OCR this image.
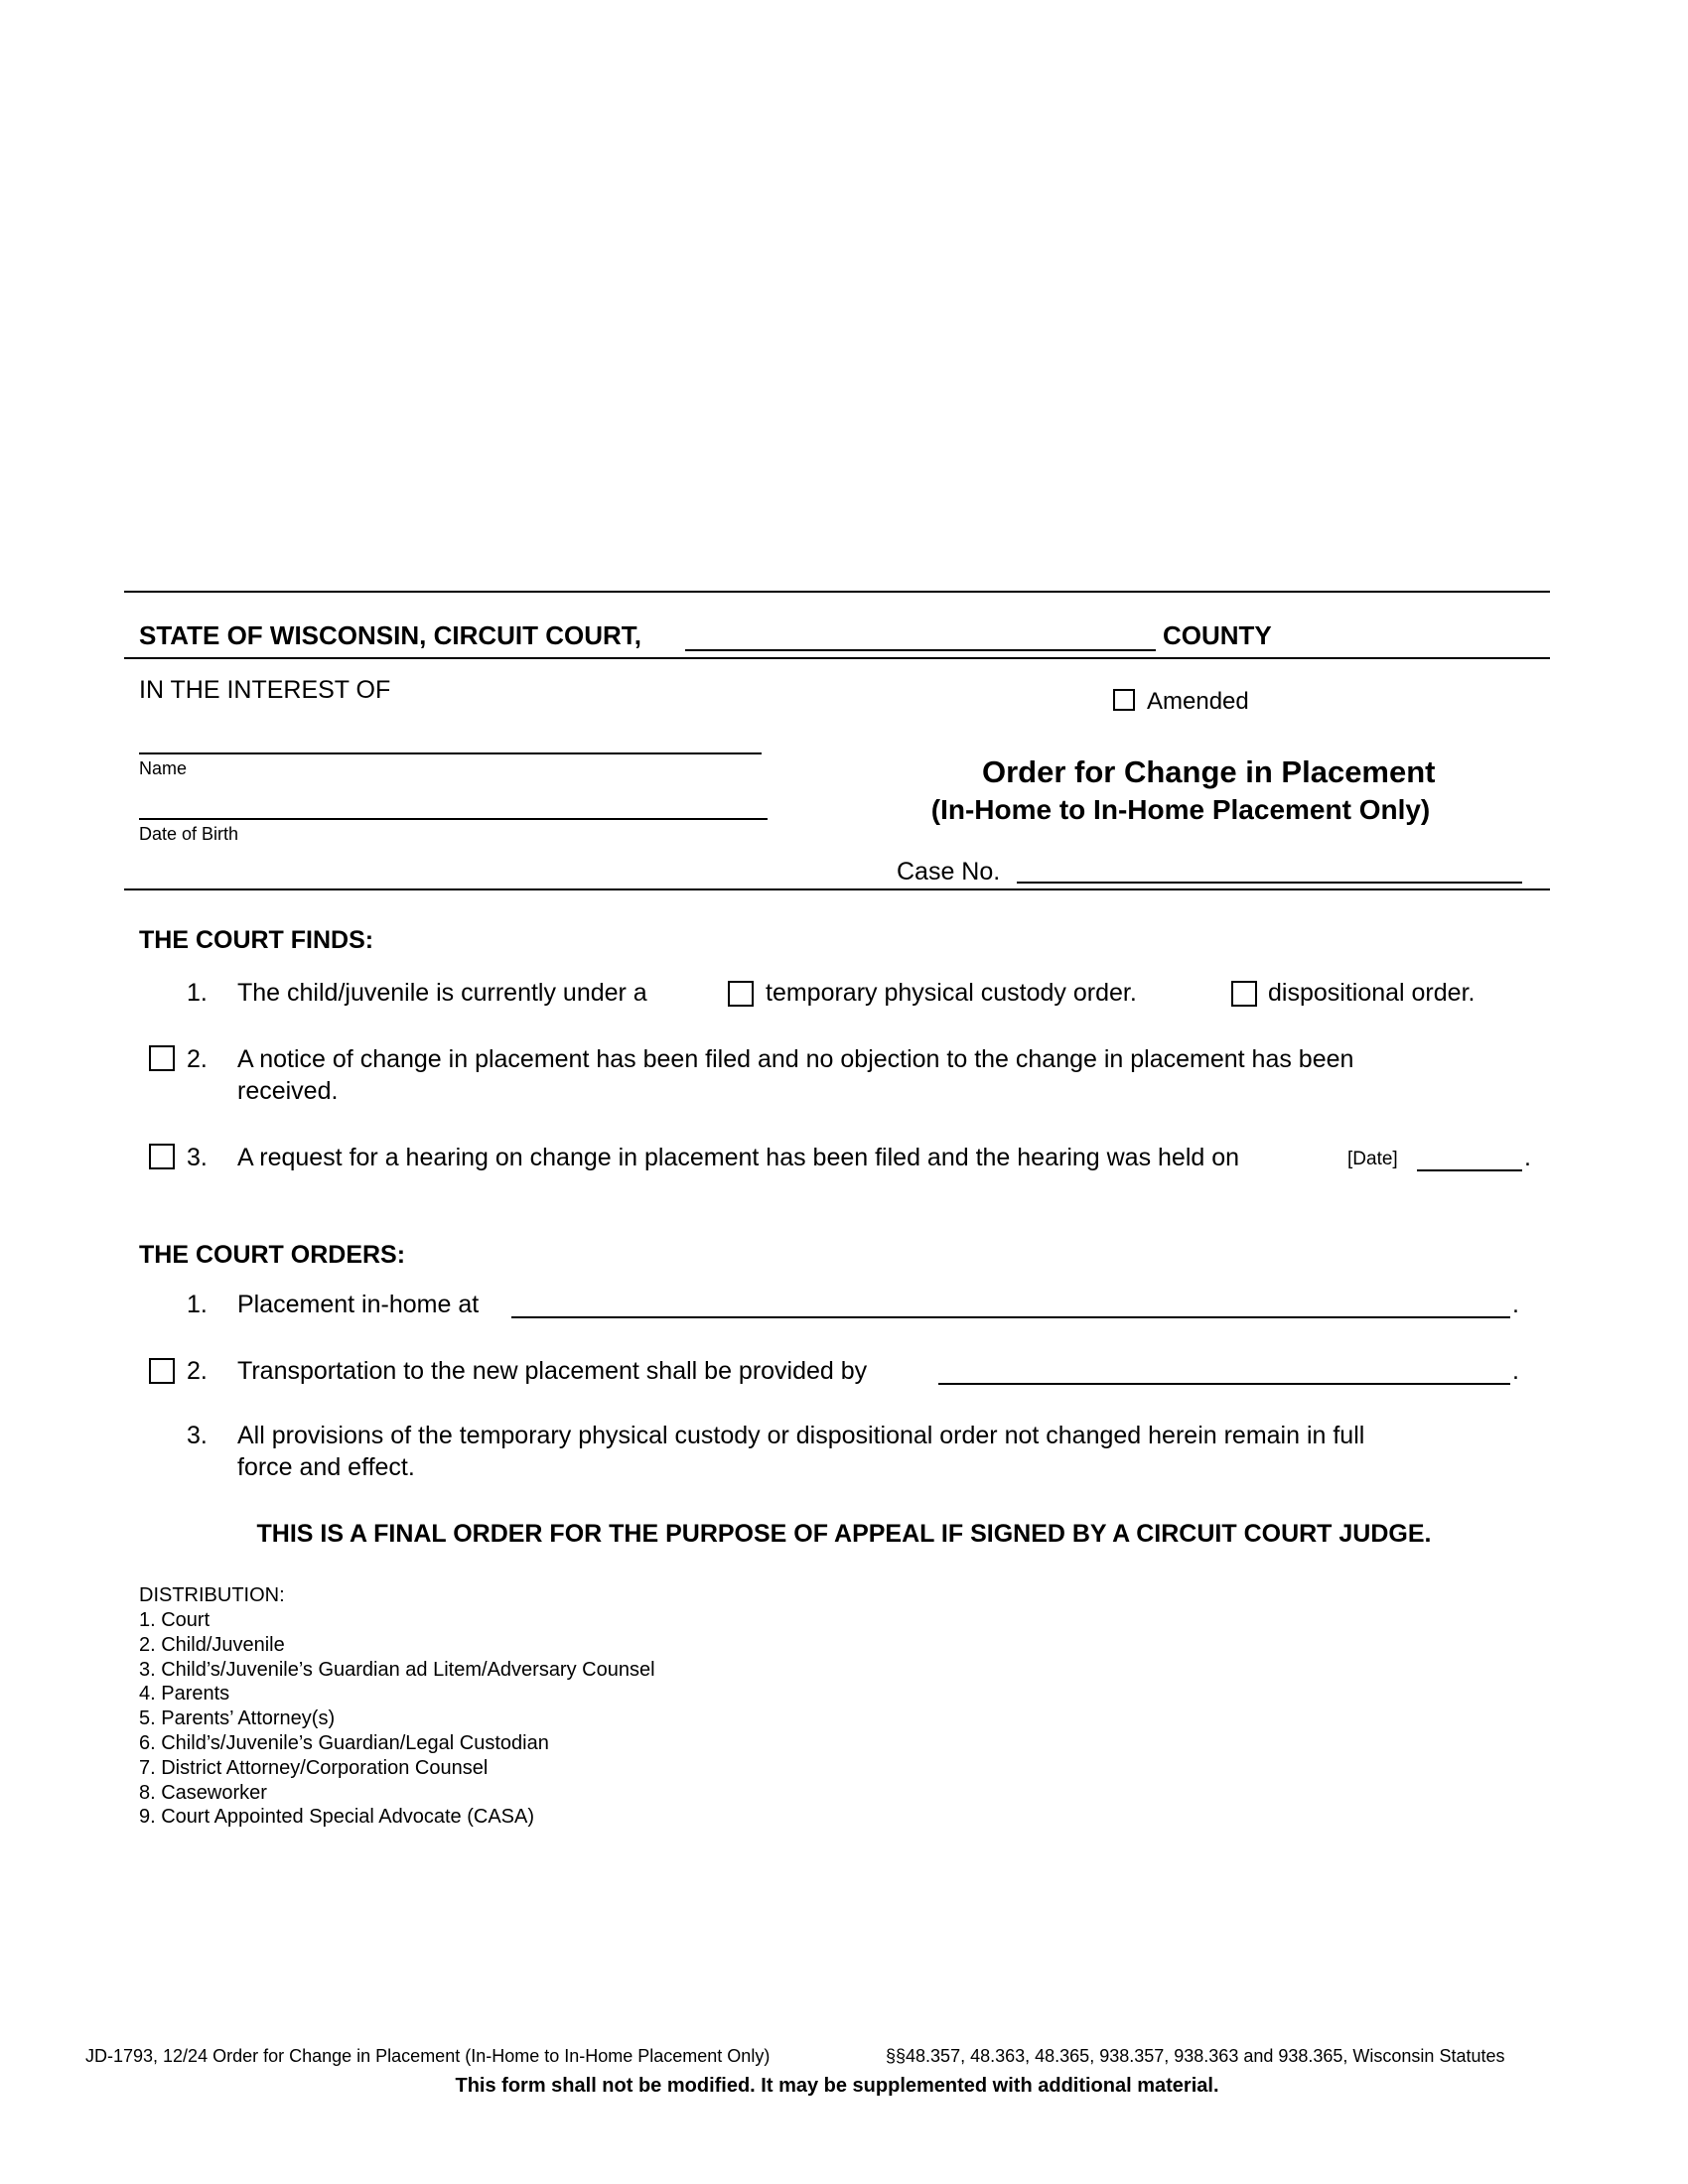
STATE OF WISCONSIN, CIRCUIT COURT,	COUNTY
IN THE INTEREST OF	Amended
Name
Date of Birth
Order for Change in Placement
(In-Home to In-Home Placement Only)
Case No.
THE COURT FINDS:
1. The child/juvenile is currently under a	temporary physical custody order.	dispositional order.
2. A notice of change in placement has been filed and no objection to the change in placement has been
received.
3. A request for a hearing on change in placement has been filed and the hearing was held on	[Date]	.
THE COURT ORDERS:
1. Placement in-home at	.
2. Transportation to the new placement shall be provided by	.
3. All provisions of the temporary physical custody or dispositional order not changed herein remain in full
force and effect.
THIS IS A FINAL ORDER FOR THE PURPOSE OF APPEAL IF SIGNED BY A CIRCUIT COURT JUDGE.
DISTRIBUTION:
1. Court
2. Child/Juvenile
3. Child’s/Juvenile’s Guardian ad Litem/Adversary Counsel
4. Parents
5. Parents’ Attorney(s)
6. Child’s/Juvenile’s Guardian/Legal Custodian
7. District Attorney/Corporation Counsel
8. Caseworker
9. Court Appointed Special Advocate (CASA)
JD-1793, 12/24 Order for Change in Placement (In-Home to In-Home Placement Only)	§§48.357, 48.363, 48.365, 938.357, 938.363 and 938.365, Wisconsin Statutes
This form shall not be modified. It may be supplemented with additional material.
